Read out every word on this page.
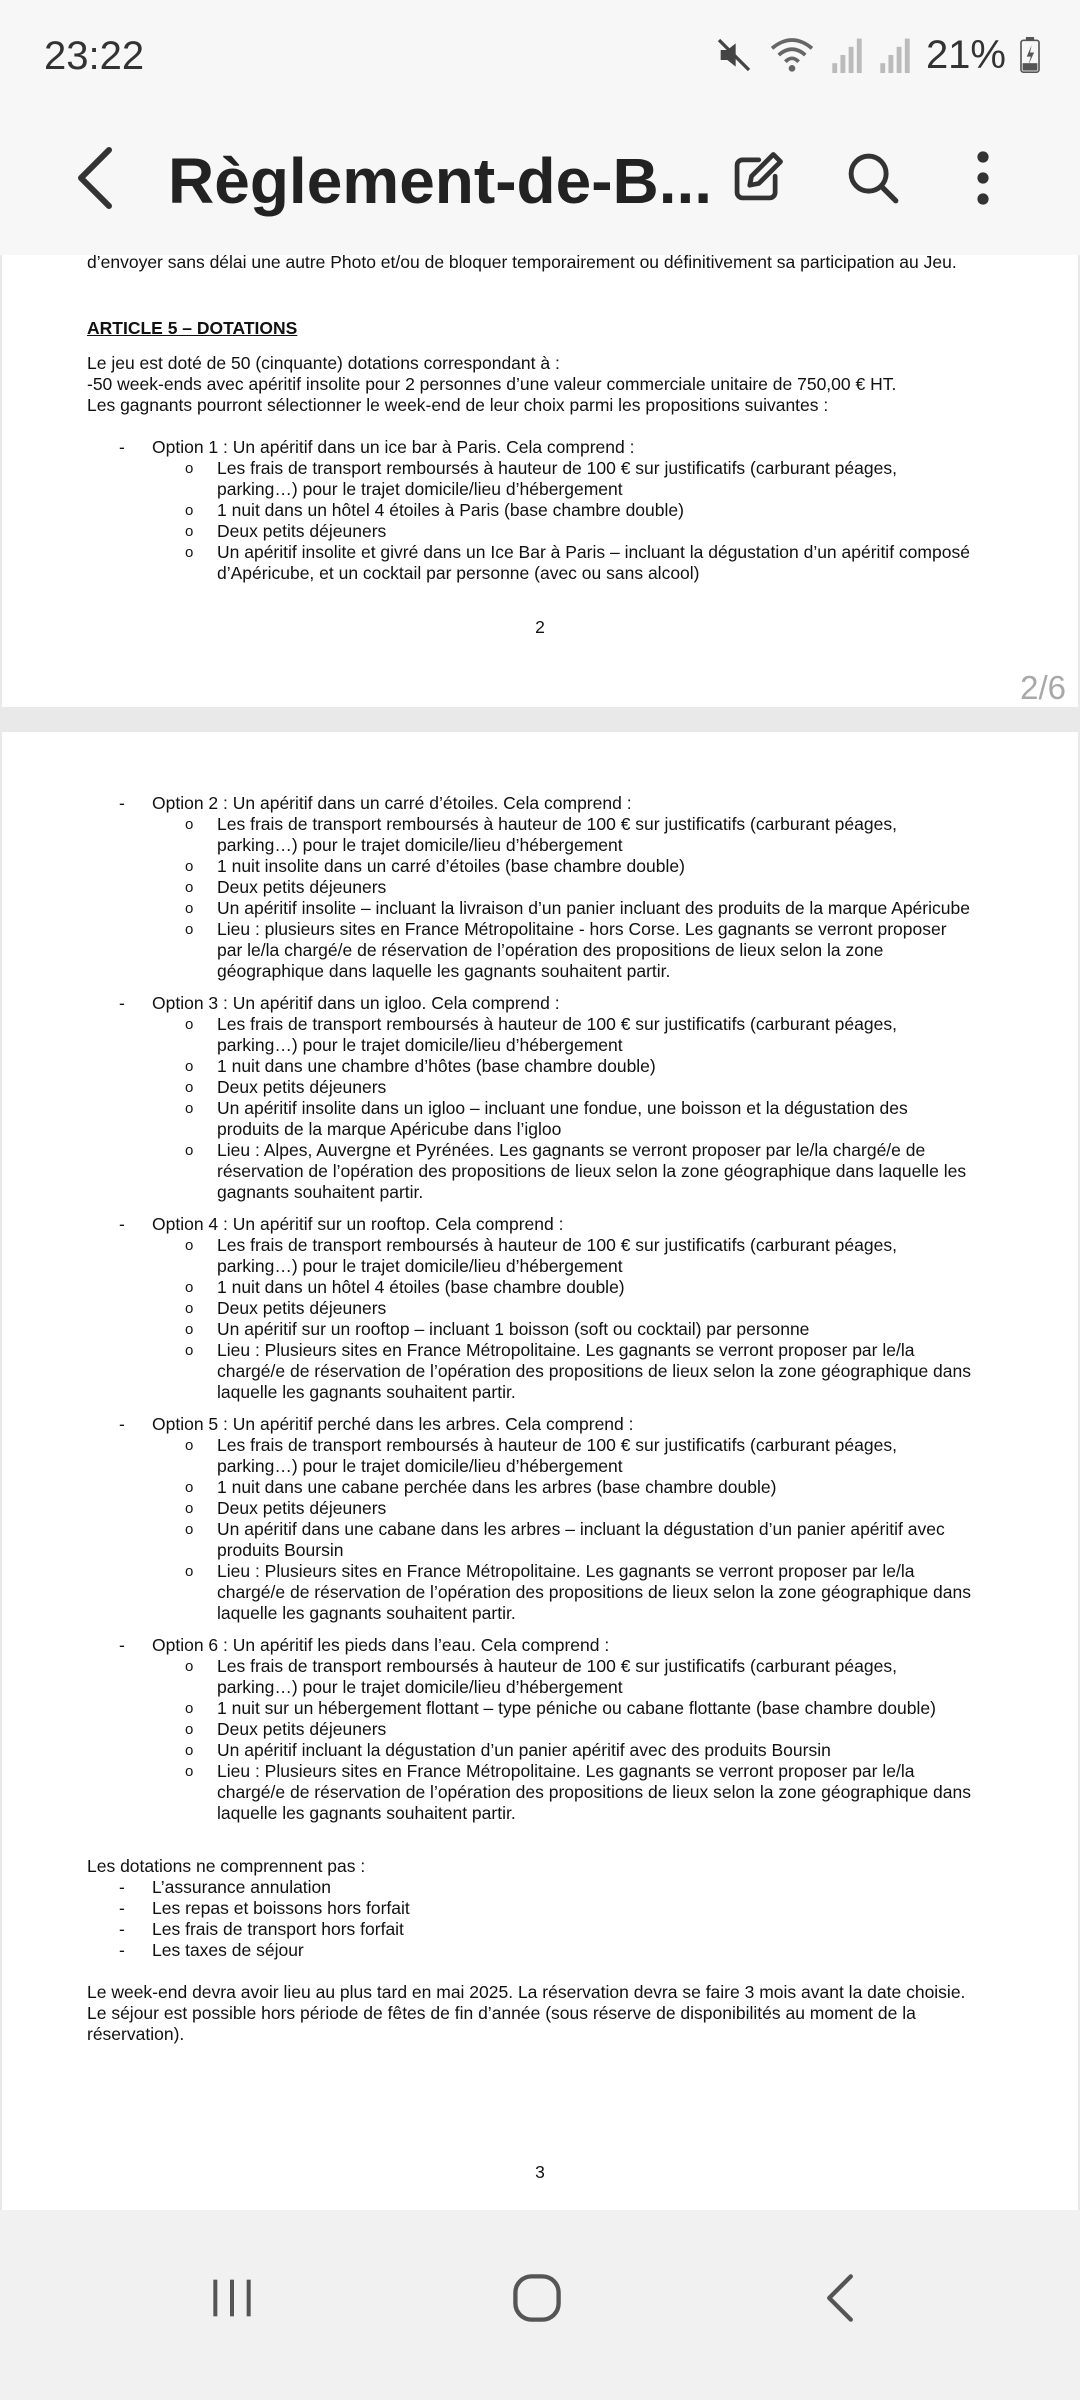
23:22	21%
Règlement-de-B...

d’envoyer sans délai une autre Photo et/ou de bloquer temporairement ou définitivement sa participation au Jeu.

ARTICLE 5 – DOTATIONS

Le jeu est doté de 50 (cinquante) dotations correspondant à :

-50 week-ends avec apéritif insolite pour 2 personnes d’une valeur commerciale unitaire de 750,00 € HT.

Les gagnants pourront sélectionner le week-end de leur choix parmi les propositions suivantes :

- Option 1 : Un apéritif dans un ice bar à Paris. Cela comprend :

o Les frais de transport remboursés à hauteur de 100 € sur justificatifs (carburant péages,
parking…) pour le trajet domicile/lieu d’hébergement

o 1 nuit dans un hôtel 4 étoiles à Paris (base chambre double)

o Deux petits déjeuners

o Un apéritif insolite et givré dans un Ice Bar à Paris – incluant la dégustation d’un apéritif composé
d’Apéricube, et un cocktail par personne (avec ou sans alcool)

2
2/6

- Option 2 : Un apéritif dans un carré d’étoiles. Cela comprend :

o Les frais de transport remboursés à hauteur de 100 € sur justificatifs (carburant péages,
parking…) pour le trajet domicile/lieu d’hébergement

o 1 nuit insolite dans un carré d’étoiles (base chambre double)

o Deux petits déjeuners

o Un apéritif insolite – incluant la livraison d’un panier incluant des produits de la marque Apéricube

o Lieu : plusieurs sites en France Métropolitaine - hors Corse. Les gagnants se verront proposer
par le/la chargé/e de réservation de l’opération des propositions de lieux selon la zone
géographique dans laquelle les gagnants souhaitent partir.

- Option 3 : Un apéritif dans un igloo. Cela comprend :

o Les frais de transport remboursés à hauteur de 100 € sur justificatifs (carburant péages,
parking…) pour le trajet domicile/lieu d’hébergement

o 1 nuit dans une chambre d’hôtes (base chambre double)

o Deux petits déjeuners

o Un apéritif insolite dans un igloo – incluant une fondue, une boisson et la dégustation des
produits de la marque Apéricube dans l’igloo

o Lieu : Alpes, Auvergne et Pyrénées. Les gagnants se verront proposer par le/la chargé/e de
réservation de l’opération des propositions de lieux selon la zone géographique dans laquelle les
gagnants souhaitent partir.

- Option 4 : Un apéritif sur un rooftop. Cela comprend :

o Les frais de transport remboursés à hauteur de 100 € sur justificatifs (carburant péages,
parking…) pour le trajet domicile/lieu d’hébergement

o 1 nuit dans un hôtel 4 étoiles (base chambre double)

o Deux petits déjeuners

o Un apéritif sur un rooftop – incluant 1 boisson (soft ou cocktail) par personne

o Lieu : Plusieurs sites en France Métropolitaine. Les gagnants se verront proposer par le/la
chargé/e de réservation de l’opération des propositions de lieux selon la zone géographique dans
laquelle les gagnants souhaitent partir.

- Option 5 : Un apéritif perché dans les arbres. Cela comprend :

o Les frais de transport remboursés à hauteur de 100 € sur justificatifs (carburant péages,
parking…) pour le trajet domicile/lieu d’hébergement

o 1 nuit dans une cabane perchée dans les arbres (base chambre double)

o Deux petits déjeuners

o Un apéritif dans une cabane dans les arbres – incluant la dégustation d’un panier apéritif avec
produits Boursin

o Lieu : Plusieurs sites en France Métropolitaine. Les gagnants se verront proposer par le/la
chargé/e de réservation de l’opération des propositions de lieux selon la zone géographique dans
laquelle les gagnants souhaitent partir.

- Option 6 : Un apéritif les pieds dans l’eau. Cela comprend :

o Les frais de transport remboursés à hauteur de 100 € sur justificatifs (carburant péages,
parking…) pour le trajet domicile/lieu d’hébergement

o 1 nuit sur un hébergement flottant – type péniche ou cabane flottante (base chambre double)

o Deux petits déjeuners

o Un apéritif incluant la dégustation d’un panier apéritif avec des produits Boursin

o Lieu : Plusieurs sites en France Métropolitaine. Les gagnants se verront proposer par le/la
chargé/e de réservation de l’opération des propositions de lieux selon la zone géographique dans
laquelle les gagnants souhaitent partir.

Les dotations ne comprennent pas :

- L’assurance annulation

- Les repas et boissons hors forfait

- Les frais de transport hors forfait

- Les taxes de séjour

Le week-end devra avoir lieu au plus tard en mai 2025. La réservation devra se faire 3 mois avant la date choisie.

Le séjour est possible hors période de fêtes de fin d’année (sous réserve de disponibilités au moment de la

réservation).

3
